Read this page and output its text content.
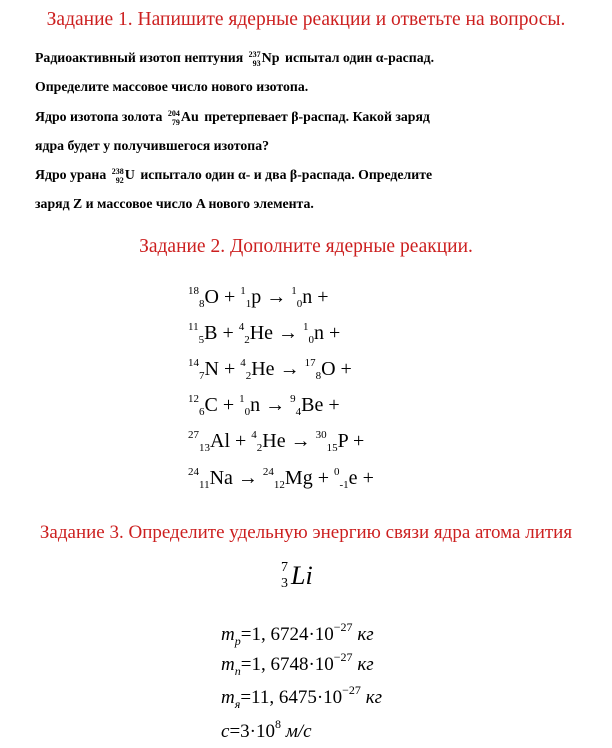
Задание 1. Напишите ядерные реакции и ответьте на вопросы.
Радиоактивный изотоп нептуния 237
93 Np испытал один α-распад.
Определите массовое число нового изотопа.
Ядро изотопа золота 204
79 Au претерпевает β-распад. Какой заряд
ядра будет у получившегося изотопа?
Ядро урана 238
92 U испытало один α- и два β-распада. Определите
заряд Z и массовое число A нового элемента.
Задание 2. Дополните ядерные реакции.
$^{18}_8$O + $^1_1$p → $^1_0$n +
$^{11}_5$B + $^4_2$He → $^1_0$n +
$^{14}_7$N + $^4_2$He → $^{17}_8$O +
$^{12}_6$C + $^1_0$n → $^9_4$Be +
$^{27}_{13}$Al + $^4_2$He → $^{30}_{15}$P +
$^{24}_{11}$Na → $^{24}_{12}$Mg + $^0_{-1}$e +
Задание 3. Определите удельную энергию связи ядра атома лития
7
3 Li
$m_p=1$, $6724\cdot 10^{-27}$ кг
$m_n=1$, $6748\cdot 10^{-27}$ кг
$m_я=11$, $6475\cdot 10^{-27}$ кг
$c=3\cdot 10^8$ м/с
